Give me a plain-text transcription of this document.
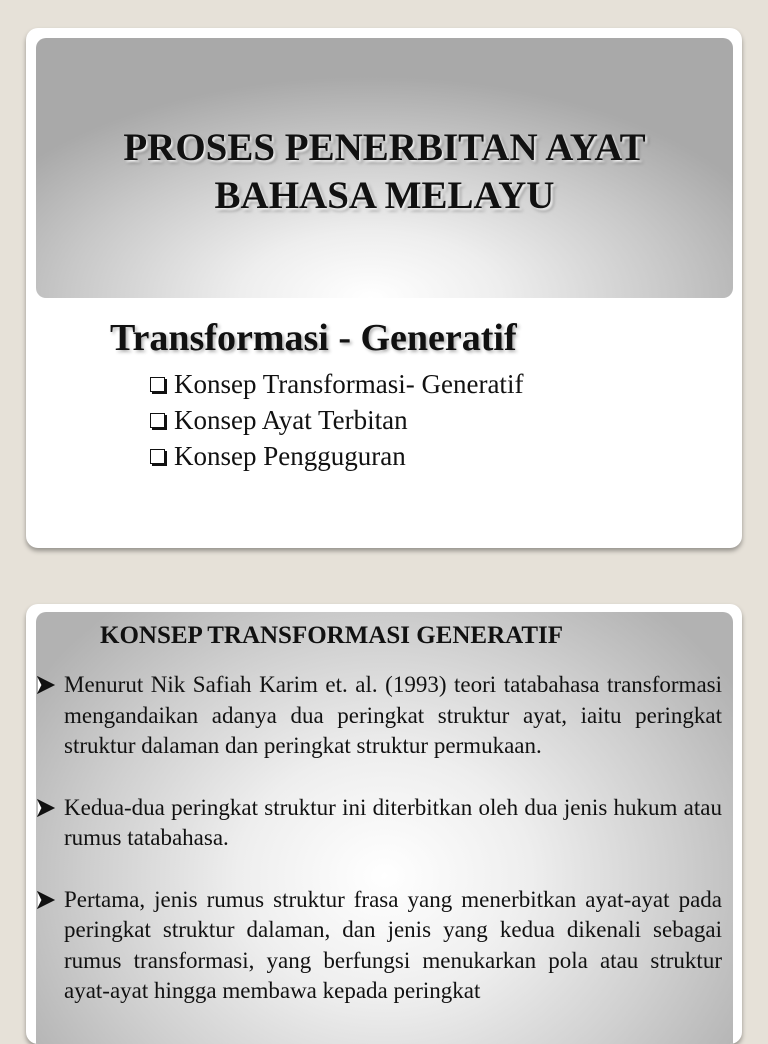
PROSES PENERBITAN AYAT
BAHASA MELAYU
Transformasi - Generatif
Konsep Transformasi- Generatif
Konsep Ayat Terbitan
Konsep Pengguguran
KONSEP TRANSFORMASI GENERATIF
Menurut Nik Safiah Karim et. al. (1993) teori tatabahasa transformasi mengandaikan adanya dua peringkat struktur ayat, iaitu peringkat struktur dalaman dan peringkat struktur permukaan.
Kedua-dua peringkat struktur ini diterbitkan oleh dua jenis hukum atau rumus tatabahasa.
Pertama, jenis rumus struktur frasa yang menerbitkan ayat-ayat pada peringkat struktur dalaman, dan jenis yang kedua dikenali sebagai rumus transformasi, yang berfungsi menukarkan pola atau struktur ayat-ayat hingga membawa kepada peringkat
